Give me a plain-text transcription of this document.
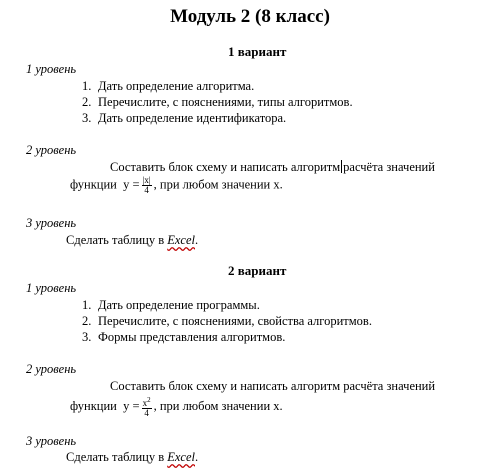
Модуль 2 (8 класс)
1 вариант
1 уровень
1. Дать определение алгоритма.
2. Перечислите, с пояснениями, типы алгоритмов.
3. Дать определение идентификатора.
2 уровень
Составить блок схему и написать алгоритм расчёта значений
функции $y = \frac{|x|}{4}$ , при любом значении х.
3 уровень
Сделать таблицу в Excel.
2 вариант
1 уровень
1. Дать определение программы.
2. Перечислите, с пояснениями, свойства алгоритмов.
3. Формы представления алгоритмов.
2 уровень
Составить блок схему и написать алгоритм расчёта значений
функции $y = \frac{x^2}{4}$ , при любом значении х.
3 уровень
Сделать таблицу в Excel.
